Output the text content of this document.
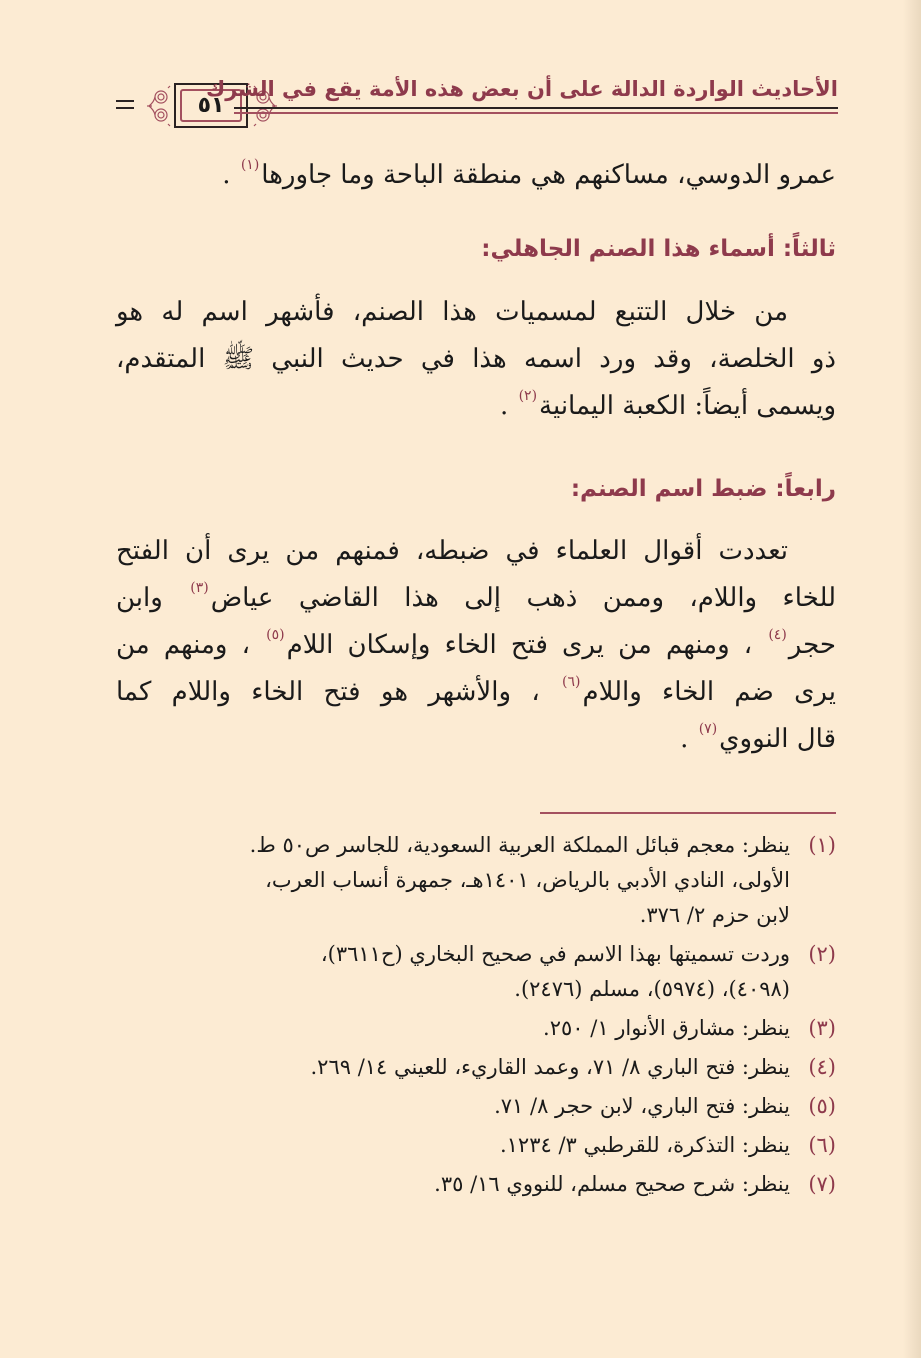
٥١
الأحاديث الواردة الدالة على أن بعض هذه الأمة يقع في الشرك
عمرو الدوسي، مساكنهم هي منطقة الباحة وما جاورها$^{(١)}$ .
ثالثاً: أسماء هذا الصنم الجاهلي:
من خلال التتبع لمسميات هذا الصنم، فأشهر اسم له هو
ذو الخلصة، وقد ورد اسمه هذا في حديث النبي ﷺ المتقدم،
ويسمى أيضاً: الكعبة اليمانية$^{(٢)}$ .
رابعاً: ضبط اسم الصنم:
تعددت أقوال العلماء في ضبطه، فمنهم من يرى أن الفتح
للخاء واللام، وممن ذهب إلى هذا القاضي عياض$^{(٣)}$ وابن
حجر$^{(٤)}$ ، ومنهم من يرى فتح الخاء وإسكان اللام$^{(٥)}$ ، ومنهم من
يرى ضم الخاء واللام$^{(٦)}$ ، والأشهر هو فتح الخاء واللام كما
قال النووي$^{(٧)}$ .
(١)
ينظر: معجم قبائل المملكة العربية السعودية، للجاسر ص٥٠ ط.
الأولى، النادي الأدبي بالرياض، ١٤٠١هـ، جمهرة أنساب العرب،
لابن حزم ٢/ ٣٧٦.
(٢)
وردت تسميتها بهذا الاسم في صحيح البخاري (ح٣٦١١)،
(٤٠٩٨)، (٥٩٧٤)، مسلم (٢٤٧٦).
(٣)
ينظر: مشارق الأنوار ١/ ٢٥٠.
(٤)
ينظر: فتح الباري ٨/ ٧١، وعمد القاريء، للعيني ١٤/ ٢٦٩.
(٥)
ينظر: فتح الباري، لابن حجر ٨/ ٧١.
(٦)
ينظر: التذكرة، للقرطبي ٣/ ١٢٣٤.
(٧)
ينظر: شرح صحيح مسلم، للنووي ١٦/ ٣٥.
